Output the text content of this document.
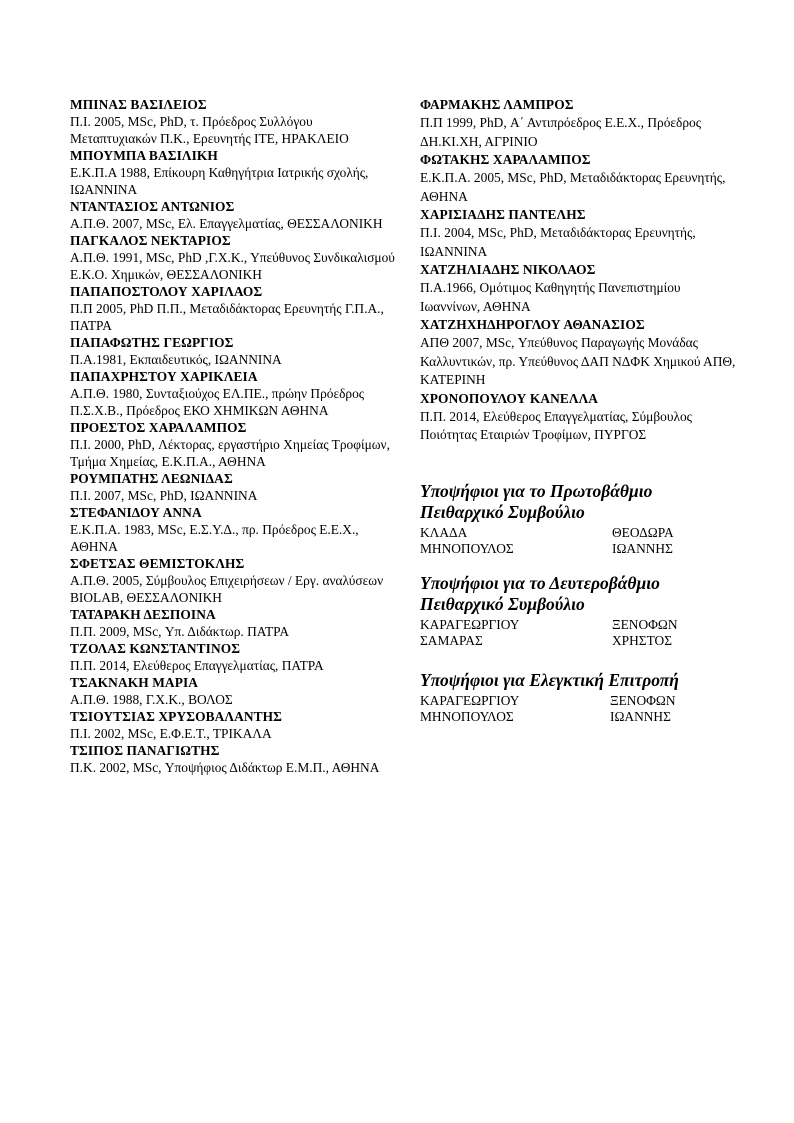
ΜΠΙΝΑΣ ΒΑΣΙΛΕΙΟΣ
Π.Ι. 2005, MSc, PhD, τ. Πρόεδρος Συλλόγου Μεταπτυχιακών Π.Κ., Ερευνητής ΙΤΕ, ΗΡΑΚΛΕΙΟ
ΜΠΟΥΜΠΑ ΒΑΣΙΛΙΚΗ
Ε.Κ.Π.Α 1988, Επίκουρη Καθηγήτρια Ιατρικής σχολής, ΙΩΑΝΝΙΝΑ
ΝΤΑΝΤΑΣΙΟΣ ΑΝΤΩΝΙΟΣ
Α.Π.Θ. 2007, MSc, Ελ. Επαγγελματίας, ΘΕΣΣΑΛΟΝΙΚΗ
ΠΑΓΚΑΛΟΣ ΝΕΚΤΑΡΙΟΣ
Α.Π.Θ. 1991, MSc, PhD ,Γ.Χ.Κ., Υπεύθυνος Συνδικαλισμού Ε.Κ.Ο. Χημικών, ΘΕΣΣΑΛΟΝΙΚΗ
ΠΑΠΑΠΟΣΤΟΛΟΥ ΧΑΡΙΛΑΟΣ
Π.Π 2005, PhD Π.Π., Μεταδιδάκτορας Ερευνητής Γ.Π.Α., ΠΑΤΡΑ
ΠΑΠΑΦΩΤΗΣ ΓΕΩΡΓΙΟΣ
Π.Α.1981, Εκπαιδευτικός, ΙΩΑΝΝΙΝΑ
ΠΑΠΑΧΡΗΣΤΟΥ ΧΑΡΙΚΛΕΙΑ
Α.Π.Θ. 1980, Συνταξιούχος ΕΛ.ΠΕ., πρώην Πρόεδρος Π.Σ.Χ.Β., Πρόεδρος ΕΚΟ ΧΗΜΙΚΩΝ ΑΘΗΝΑ
ΠΡΟΕΣΤΟΣ ΧΑΡΑΛΑΜΠΟΣ
Π.Ι. 2000, PhD, Λέκτορας, εργαστήριο Χημείας Τροφίμων, Τμήμα Χημείας, Ε.Κ.Π.Α., ΑΘΗΝΑ
ΡΟΥΜΠΑΤΗΣ ΛΕΩΝΙΔΑΣ
Π.Ι. 2007, MSc, PhD, ΙΩΑΝΝΙΝΑ
ΣΤΕΦΑΝΙΔΟΥ ΑΝΝΑ
Ε.Κ.Π.Α. 1983, MSc, Ε.Σ.Υ.Δ., πρ. Πρόεδρος Ε.Ε.Χ., ΑΘΗΝΑ
ΣΦΕΤΣΑΣ ΘΕΜΙΣΤΟΚΛΗΣ
Α.Π.Θ. 2005, Σύμβουλος Επιχειρήσεων / Εργ. αναλύσεων BIOLAB, ΘΕΣΣΑΛΟΝΙΚΗ
ΤΑΤΑΡΑΚΗ ΔΕΣΠΟΙΝΑ
Π.Π. 2009, MSc, Υπ. Διδάκτωρ. ΠΑΤΡΑ
ΤΖΟΛΑΣ ΚΩΝΣΤΑΝΤΙΝΟΣ
Π.Π. 2014, Ελεύθερος Επαγγελματίας, ΠΑΤΡΑ
ΤΣΑΚΝΑΚΗ ΜΑΡΙΑ
Α.Π.Θ. 1988, Γ.Χ.Κ., ΒΟΛΟΣ
ΤΣΙΟΥΤΣΙΑΣ ΧΡΥΣΟΒΑΛΑΝΤΗΣ
Π.Ι. 2002, MSc, Ε.Φ.Ε.Τ., ΤΡΙΚΑΛΑ
ΤΣΙΠΟΣ ΠΑΝΑΓΙΩΤΗΣ
Π.Κ. 2002, MSc, Υποψήφιος Διδάκτωρ Ε.Μ.Π., ΑΘΗΝΑ
ΦΑΡΜΑΚΗΣ ΛΑΜΠΡΟΣ
Π.Π 1999, PhD, Α΄ Αντιπρόεδρος Ε.Ε.Χ., Πρόεδρος ΔΗ.ΚΙ.ΧΗ, ΑΓΡΙΝΙΟ
ΦΩΤΑΚΗΣ ΧΑΡΑΛΑΜΠΟΣ
Ε.Κ.Π.Α. 2005, MSc, PhD, Μεταδιδάκτορας Ερευνητής, ΑΘΗΝΑ
ΧΑΡΙΣΙΑΔΗΣ ΠΑΝΤΕΛΗΣ
Π.Ι. 2004, MSc, PhD, Μεταδιδάκτορας Ερευνητής, ΙΩΑΝΝΙΝΑ
ΧΑΤΖΗΛΙΑΔΗΣ ΝΙΚΟΛΑΟΣ
Π.Α.1966, Ομότιμος Καθηγητής Πανεπιστημίου Ιωαννίνων, ΑΘΗΝΑ
ΧΑΤΖΗΧΗΔΗΡΟΓΛΟΥ ΑΘΑΝΑΣΙΟΣ
ΑΠΘ 2007, MSc, Υπεύθυνος Παραγωγής Μονάδας Καλλυντικών, πρ. Υπεύθυνος ΔΑΠ ΝΔΦΚ Χημικού ΑΠΘ, ΚΑΤΕΡΙΝΗ
ΧΡΟΝΟΠΟΥΛΟΥ ΚΑΝΕΛΛΑ
Π.Π. 2014, Ελεύθερος Επαγγελματίας, Σύμβουλος Ποιότητας Εταιριών Τροφίμων, ΠΥΡΓΟΣ
Υποψήφιοι για το Πρωτοβάθμιο Πειθαρχικό Συμβούλιο
ΚΛΑΔΑ	ΘΕΟΔΩΡΑ
ΜΗΝΟΠΟΥΛΟΣ	ΙΩΑΝΝΗΣ
Υποψήφιοι για το Δευτεροβάθμιο Πειθαρχικό Συμβούλιο
ΚΑΡΑΓΕΩΡΓΙΟΥ	ΞΕΝΟΦΩΝ
ΣΑΜΑΡΑΣ	ΧΡΗΣΤΟΣ
Υποψήφιοι για Ελεγκτική Επιτροπή
ΚΑΡΑΓΕΩΡΓΙΟΥ	ΞΕΝΟΦΩΝ
ΜΗΝΟΠΟΥΛΟΣ	ΙΩΑΝΝΗΣ
